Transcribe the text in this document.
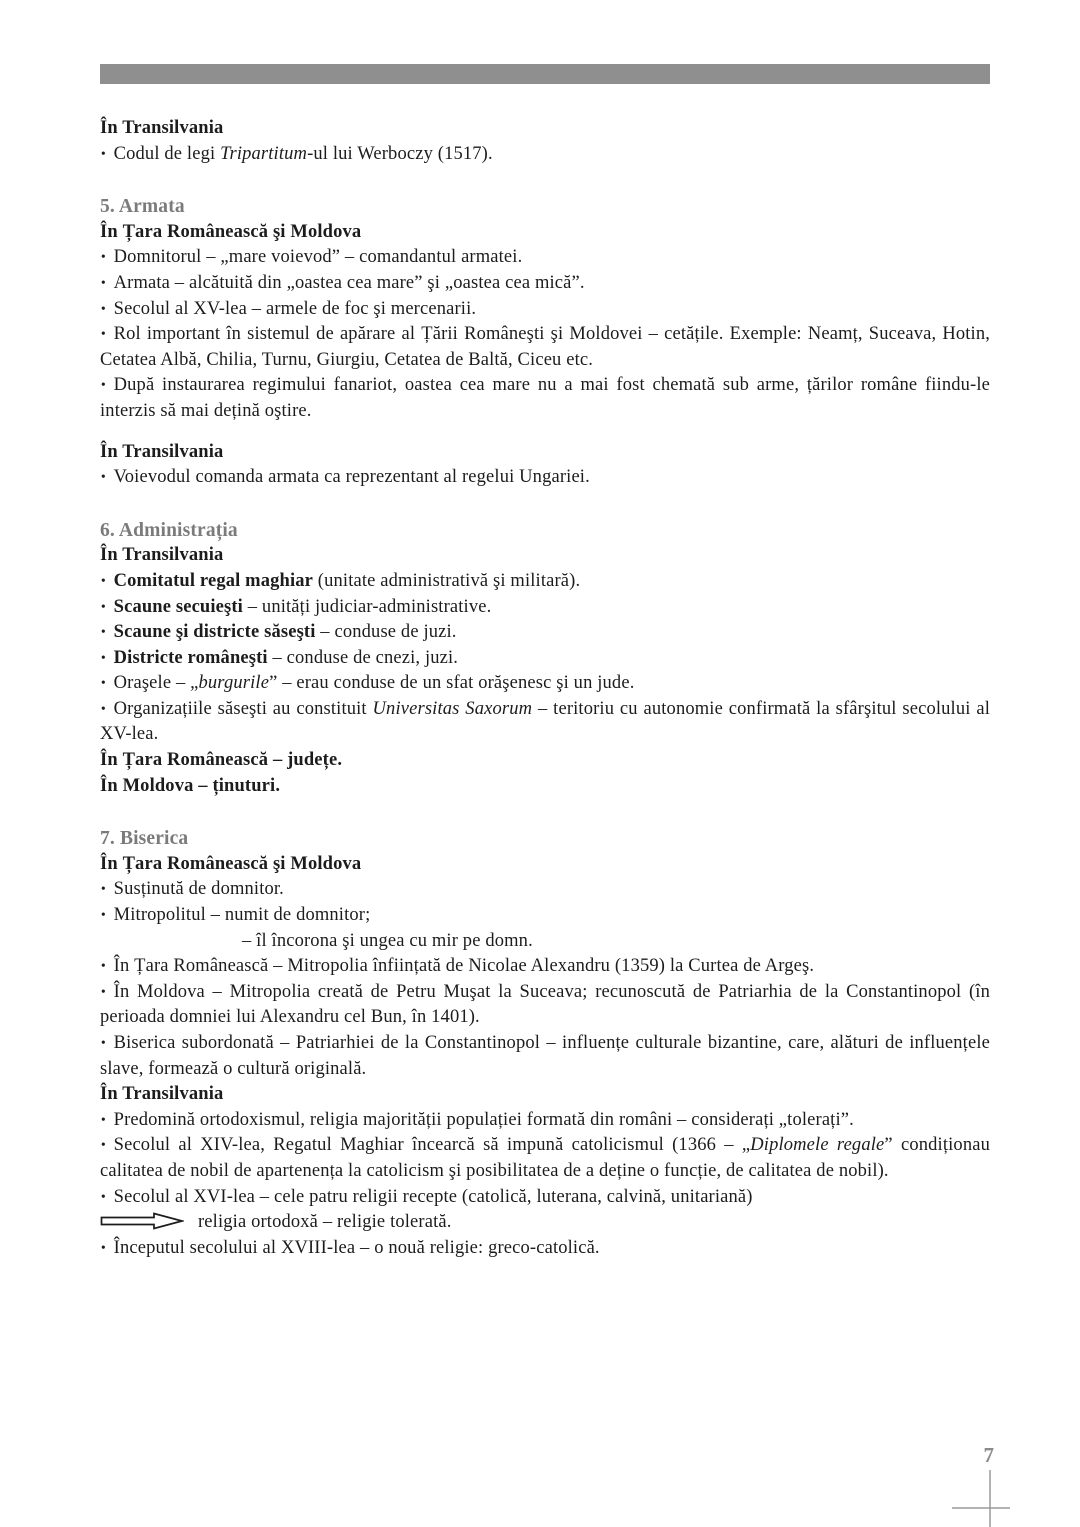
În Transilvania
• Codul de legi Tripartitum-ul lui Werboczy (1517).
5. Armata
În Țara Românească şi Moldova
• Domnitorul – „mare voievod” – comandantul armatei.
• Armata – alcătuită din „oastea cea mare” şi „oastea cea mică”.
• Secolul al XV-lea – armele de foc şi mercenarii.
• Rol important în sistemul de apărare al Țării Româneşti şi Moldovei – cetățile. Exemple: Neamț, Suceava, Hotin, Cetatea Albă, Chilia, Turnu, Giurgiu, Cetatea de Baltă, Ciceu etc.
• După instaurarea regimului fanariot, oastea cea mare nu a mai fost chemată sub arme, țărilor române fiindu-le interzis să mai dețină oştire.
În Transilvania
• Voievodul comanda armata ca reprezentant al regelui Ungariei.
6. Administrația
În Transilvania
• Comitatul regal maghiar (unitate administrativă şi militară).
• Scaune secuieşti – unități judiciar-administrative.
• Scaune şi districte săseşti – conduse de juzi.
• Districte româneşti – conduse de cnezi, juzi.
• Oraşele – „burgurile” – erau conduse de un sfat orăşenesc şi un jude.
• Organizațiile săseşti au constituit Universitas Saxorum – teritoriu cu autonomie confirmată la sfârşitul secolului al XV-lea.
În Țara Românească – județe.
În Moldova – ținuturi.
7. Biserica
În Țara Românească şi Moldova
• Susținută de domnitor.
• Mitropolitul – numit de domnitor;
– îl încorona şi ungea cu mir pe domn.
• În Țara Românească – Mitropolia înființată de Nicolae Alexandru (1359) la Curtea de Argeş.
• În Moldova – Mitropolia creată de Petru Muşat la Suceava; recunoscută de Patriarhia de la Constantinopol (în perioada domniei lui Alexandru cel Bun, în 1401).
• Biserica subordonată – Patriarhiei de la Constantinopol – influențe culturale bizantine, care, alături de influențele slave, formează o cultură originală.
În Transilvania
• Predomină ortodoxismul, religia majorității populației formată din români – considerați „tolerați”.
• Secolul al XIV-lea, Regatul Maghiar încearcă să impună catolicismul (1366 – „Diplomele regale” condiționau calitatea de nobil de apartenența la catolicism şi posibilitatea de a deține o funcție, de calitatea de nobil).
• Secolul al XVI-lea – cele patru religii recepte (catolică, luterana, calvină, unitariană)
religia ortodoxă – religie tolerată.
• Începutul secolului al XVIII-lea – o nouă religie: greco-catolică.
7
